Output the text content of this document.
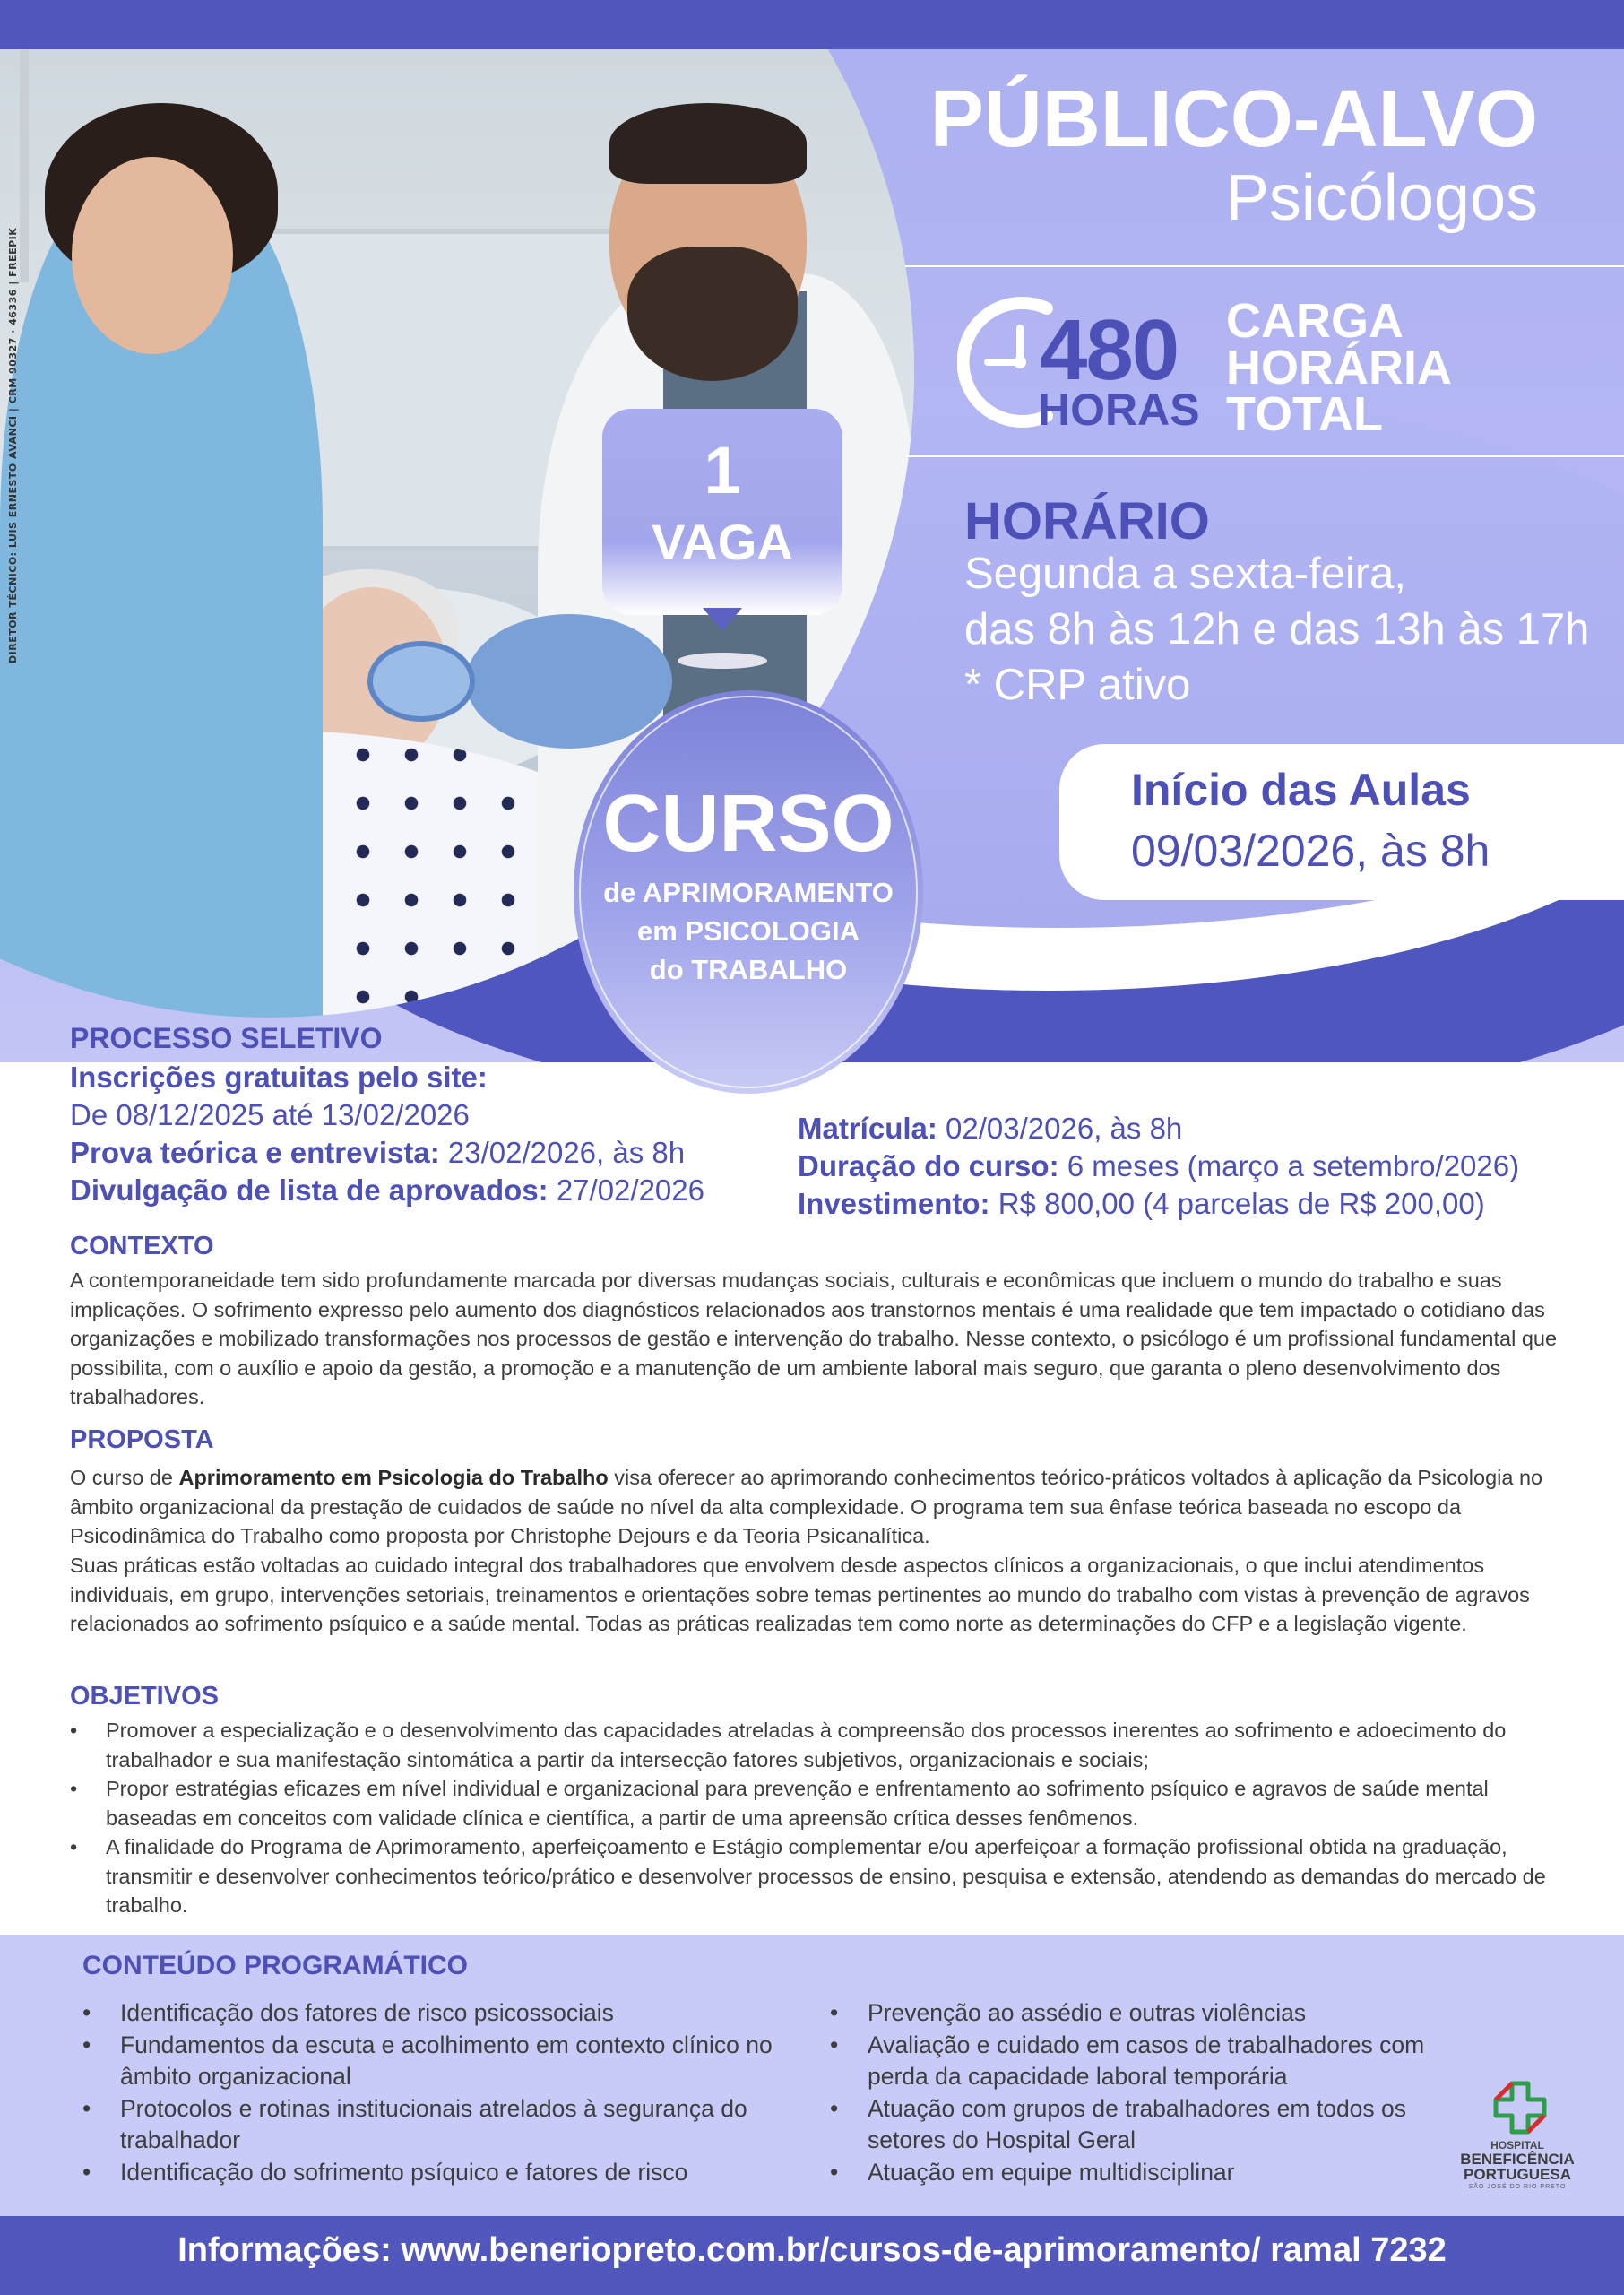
DIRETOR TÉCNICO: LUIS ERNESTO AVANCI | CRM 90327 · 46336 | FREEPIK
PÚBLICO-ALVO
Psicólogos
480
HORAS
CARGA
HORÁRIA
TOTAL
HORÁRIO
Segunda a sexta-feira,
das 8h às 12h e das 13h às 17h
* CRP ativo
Início das Aulas
09/03/2026, às 8h
1
VAGA
CURSO
de APRIMORAMENTO
em PSICOLOGIA
do TRABALHO
PROCESSO SELETIVO
Inscrições gratuitas pelo site:
De 08/12/2025 até 13/02/2026
Prova teórica e entrevista: 23/02/2026, às 8h
Divulgação de lista de aprovados: 27/02/2026
Matrícula: 02/03/2026, às 8h
Duração do curso: 6 meses (março a setembro/2026)
Investimento: R$ 800,00 (4 parcelas de R$ 200,00)
CONTEXTO

A contemporaneidade tem sido profundamente marcada por diversas mudanças sociais, culturais e econômicas que incluem o mundo do trabalho e suas implicações. O sofrimento expresso pelo aumento dos diagnósticos relacionados aos transtornos mentais é uma realidade que tem impactado o cotidiano das organizações e mobilizado transformações nos processos de gestão e intervenção do trabalho. Nesse contexto, o psicólogo é um profissional fundamental que possibilita, com o auxílio e apoio da gestão, a promoção e a manutenção de um ambiente laboral mais seguro, que garanta o pleno desenvolvimento dos trabalhadores.

PROPOSTA

O curso de Aprimoramento em Psicologia do Trabalho visa oferecer ao aprimorando conhecimentos teórico-práticos voltados à aplicação da Psicologia no âmbito organizacional da prestação de cuidados de saúde no nível da alta complexidade. O programa tem sua ênfase teórica baseada no escopo da Psicodinâmica do Trabalho como proposta por Christophe Dejours e da Teoria Psicanalítica.

Suas práticas estão voltadas ao cuidado integral dos trabalhadores que envolvem desde aspectos clínicos a organizacionais, o que inclui atendimentos individuais, em grupo, intervenções setoriais, treinamentos e orientações sobre temas pertinentes ao mundo do trabalho com vistas à prevenção de agravos relacionados ao sofrimento psíquico e a saúde mental. Todas as práticas realizadas tem como norte as determinações do CFP e a legislação vigente.

OBJETIVOS
• Promover a especialização e o desenvolvimento das capacidades atreladas à compreensão dos processos inerentes ao sofrimento e adoecimento do trabalhador e sua manifestação sintomática a partir da intersecção fatores subjetivos, organizacionais e sociais;
• Propor estratégias eficazes em nível individual e organizacional para prevenção e enfrentamento ao sofrimento psíquico e agravos de saúde mental baseadas em conceitos com validade clínica e científica, a partir de uma apreensão crítica desses fenômenos.
• A finalidade do Programa de Aprimoramento, aperfeiçoamento e Estágio complementar e/ou aperfeiçoar a formação profissional obtida na graduação, transmitir e desenvolver conhecimentos teórico/prático e desenvolver processos de ensino, pesquisa e extensão, atendendo as demandas do mercado de trabalho.
CONTEÚDO PROGRAMÁTICO
• Identificação dos fatores de risco psicossociais
• Fundamentos da escuta e acolhimento em contexto clínico no âmbito organizacional
• Protocolos e rotinas institucionais atrelados à segurança do trabalhador
• Identificação do sofrimento psíquico e fatores de risco
• Prevenção ao assédio e outras violências
• Avaliação e cuidado em casos de trabalhadores com perda da capacidade laboral temporária
• Atuação com grupos de trabalhadores em todos os setores do Hospital Geral
• Atuação em equipe multidisciplinar
HOSPITAL
BENEFICÊNCIA
PORTUGUESA
SÃO JOSÉ DO RIO PRETO
Informações: www.beneriopreto.com.br/cursos-de-aprimoramento/ ramal 7232
